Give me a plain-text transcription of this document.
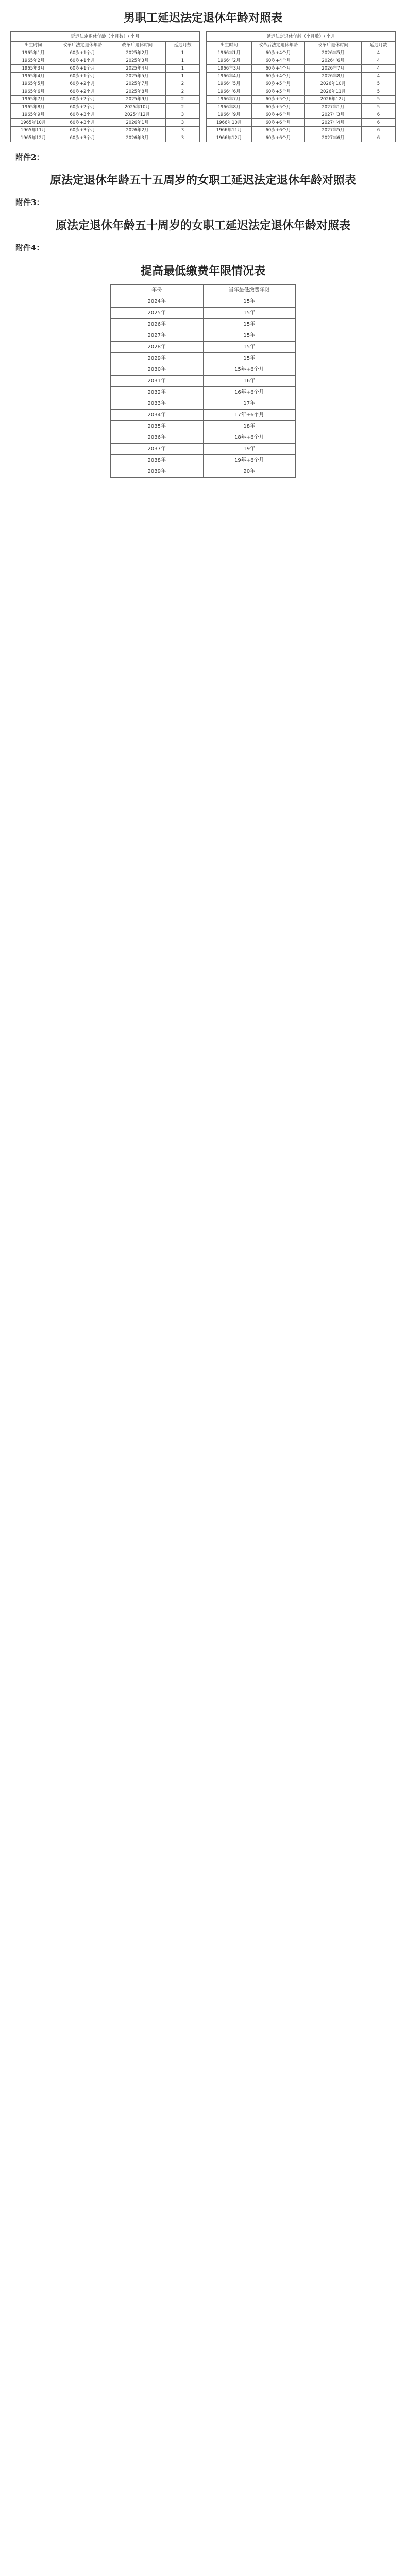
男职工延迟法定退休年龄对照表
延迟法定退休年龄（个月数）/ 个月			
出生时间	改革后法定退休年龄	改革后退休时间	延迟月数
1965年1月	60岁+1个月	2025年2月	1
1965年2月	60岁+1个月	2025年3月	1
1965年3月	60岁+1个月	2025年4月	1
1965年4月	60岁+1个月	2025年5月	1
1965年5月	60岁+2个月	2025年7月	2
1965年6月	60岁+2个月	2025年8月	2
1965年7月	60岁+2个月	2025年9月	2
1965年8月	60岁+2个月	2025年10月	2
1965年9月	60岁+3个月	2025年12月	3
1965年10月	60岁+3个月	2026年1月	3
1965年11月	60岁+3个月	2026年2月	3
1965年12月	60岁+3个月	2026年3月	3
延迟法定退休年龄（个月数）/ 个月			
出生时间	改革后法定退休年龄	改革后退休时间	延迟月数
1966年1月	60岁+4个月	2026年5月	4
1966年2月	60岁+4个月	2026年6月	4
1966年3月	60岁+4个月	2026年7月	4
1966年4月	60岁+4个月	2026年8月	4
1966年5月	60岁+5个月	2026年10月	5
1966年6月	60岁+5个月	2026年11月	5
1966年7月	60岁+5个月	2026年12月	5
1966年8月	60岁+5个月	2027年1月	5
1966年9月	60岁+6个月	2027年3月	6
1966年10月	60岁+6个月	2027年4月	6
1966年11月	60岁+6个月	2027年5月	6
1966年12月	60岁+6个月	2027年6月	6
附件2：
原法定退休年龄五十五周岁的女职工延迟法定退休年龄对照表
附件3：
原法定退休年龄五十周岁的女职工延迟法定退休年龄对照表
附件4：
提高最低缴费年限情况表
年份	当年最低缴费年限
2024年	15年
2025年	15年
2026年	15年
2027年	15年
2028年	15年
2029年	15年
2030年	15年+6个月
2031年	16年
2032年	16年+6个月
2033年	17年
2034年	17年+6个月
2035年	18年
2036年	18年+6个月
2037年	19年
2038年	19年+6个月
2039年	20年
